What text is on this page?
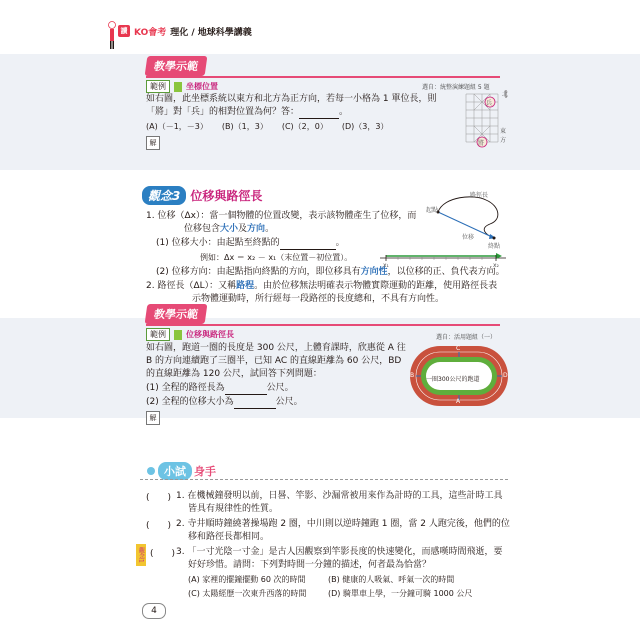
讀 KO會考 理化 / 地球科學講義
教學示範
範例	坐標位置	選自：統整演練題組 5 題
如右圖，此坐標系統以東方和北方為正方向，若每一小格為 1 單位長，則
「將」對「兵」的相對位置為何？答：	。
(A)（－1，－3） (B)（1，3） (C)（2，0） (D)（3，3）
解
兵
將
北
東方
觀念3 位移與路徑長
1. 位移（Δx）：當一個物體的位置改變，表示該物體產生了位移，而
位移包含大小及方向。
(1) 位移大小：由起點至終點的	。
例如：Δx ＝ x₂ － x₁（末位置－初位置）。
(2) 位移方向：由起點指向終點的方向，即位移具有方向性，以位移的正、負代表方向。
2. 路徑長（ΔL）：又稱路程。由於位移無法明確表示物體實際運動的距離，使用路徑長表
示物體運動時，所行經每一段路徑的長度總和，不具有方向性。
x₁	x₂
起點
路徑長
位移
終點
教學示範
範例	位移與路徑長	選自：活用題組（一）
如右圖，跑道一圈的長度是 300 公尺，上體育課時，欣惠從 A 往
B 的方向連續跑了三圈半，已知 AC 的直線距離為 60 公尺，BD
的直線距離為 120 公尺，試回答下列問題：
(1) 全程的路徑長為	公尺。
(2) 全程的位移大小為	公尺。
解
一圈300公尺的跑道
C
A
B	D
小試 身手
(　　) 1. 在機械鐘發明以前，日晷、竿影、沙漏常被用來作為計時的工具，這些計時工具
皆具有規律性的性質。
(　　) 2. 寺井順時鐘繞著操場跑 2 圈，中川則以逆時鐘跑 1 圈，當 2 人跑完後，他們的位
移和路徑長都相同。
觀念1 (　　) 3. 「一寸光陰一寸金」是古人因觀察到竿影長度的快速變化，而感嘆時間飛逝，要
好好珍惜。請問：下列對時間一分鐘的描述，何者最為恰當？
(A) 家裡的擺鐘擺動 60 次的時間	(B) 健康的人吸氣、呼氣一次的時間
(C) 太陽經歷一次東升西落的時間	(D) 騎單車上學，一分鐘可騎 1000 公尺
4
